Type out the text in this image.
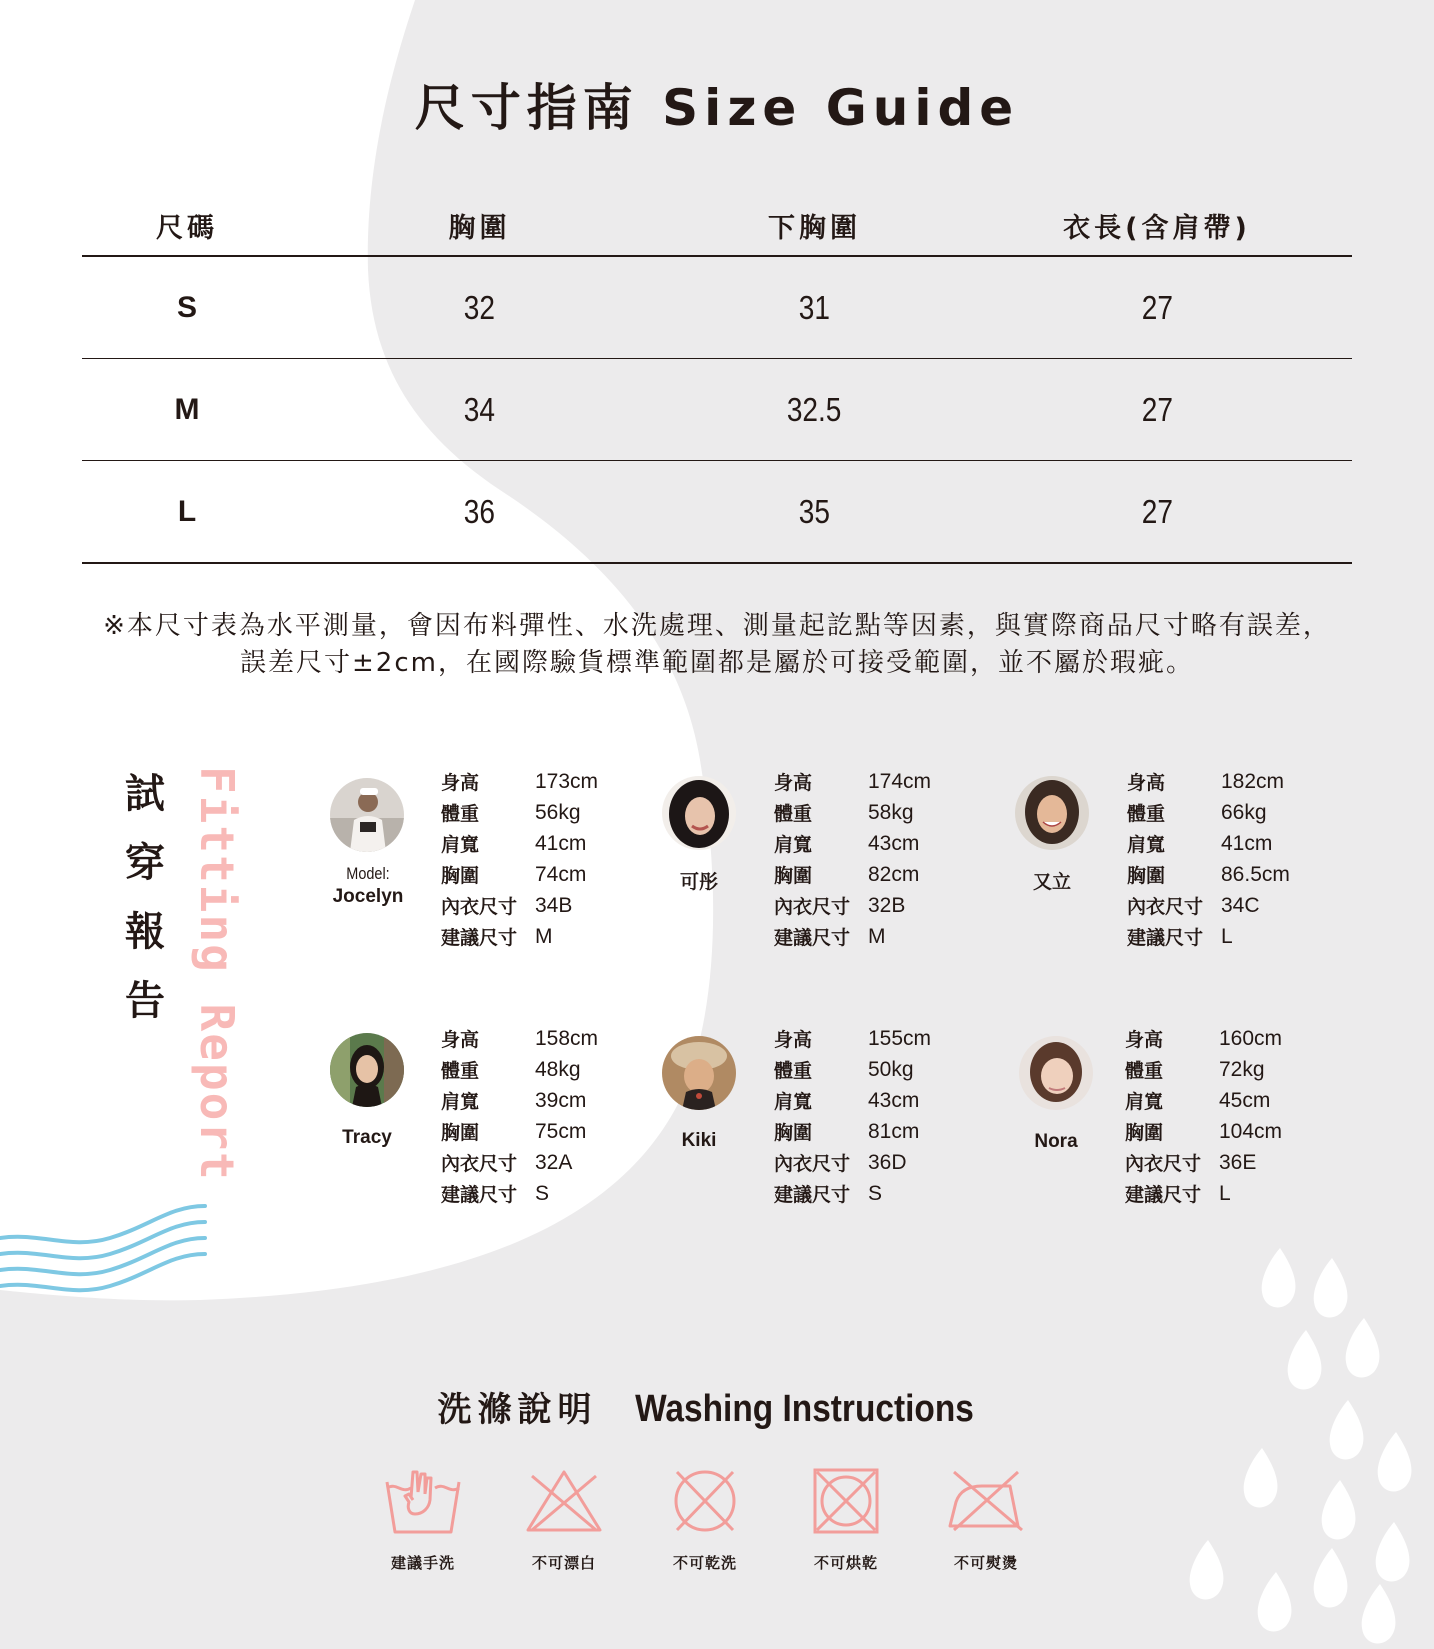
尺寸指南 Size Guide
尺碼	胸圍	下胸圍	衣長(含肩帶)
S	32	31	27
M	34	32.5	27
L	36	35	27
※本尺寸表為水平測量，會因布料彈性、水洗處理、測量起訖點等因素，與實際商品尺寸略有誤差，
誤差尺寸±2cm，在國際驗貨標準範圍都是屬於可接受範圍，並不屬於瑕疵。
試
穿
報
告 Fitting Report	Model:
Jocelyn
身高	173cm
體重	56kg
肩寬	41cm
胸圍	74cm
內衣尺寸 34B
建議尺寸 M
可彤
身高	174cm
體重	58kg
肩寬	43cm
胸圍	82cm
內衣尺寸 32B
建議尺寸 M
又立
身高	182cm
體重	66kg
肩寬	41cm
胸圍	86.5cm
內衣尺寸 34C
建議尺寸 L
Tracy
身高	158cm
體重	48kg
肩寬	39cm
胸圍	75cm
內衣尺寸 32A
建議尺寸 S
Kiki
身高	155cm
體重	50kg
肩寬	43cm
胸圍	81cm
內衣尺寸 36D
建議尺寸 S
Nora
身高	160cm
體重	72kg
肩寬	45cm
胸圍	104cm
內衣尺寸 36E
建議尺寸 L
洗滌說明 Washing Instructions
建議手洗	不可漂白	不可乾洗	不可烘乾	不可熨燙
